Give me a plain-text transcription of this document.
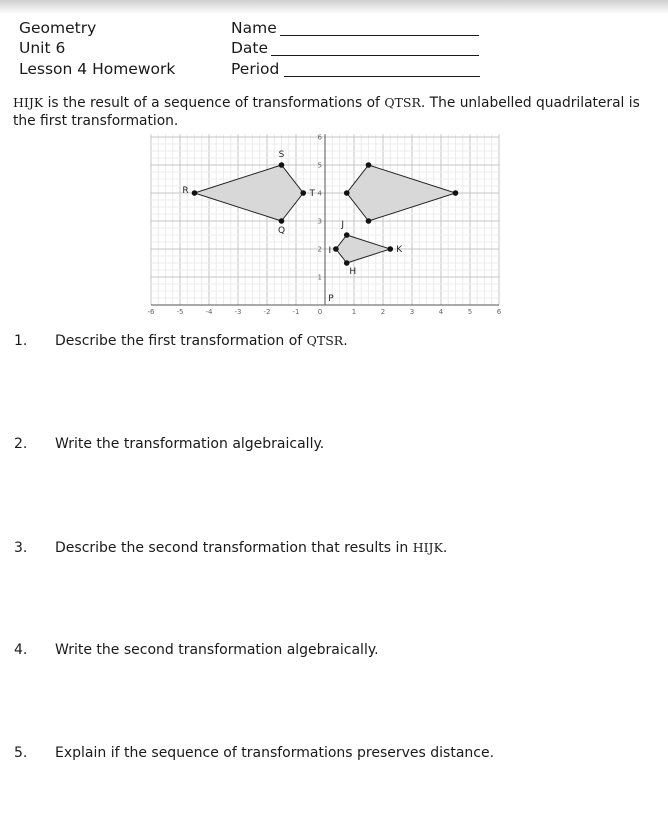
Geometry
Unit 6
Lesson 4 Homework
Name
Date
Period
HIJK is the result of a sequence of transformations of QTSR. The unlabelled quadrilateral is the first transformation.
-6	-5	-4	-3	-2	-1	0	1	2	3	4	5	6
1
2
3
4
5
6
Q
T
S
R
H
I
J
K
P
1. Describe the first transformation of QTSR.
2. Write the transformation algebraically.
3. Describe the second transformation that results in HIJK.
4. Write the second transformation algebraically.
5. Explain if the sequence of transformations preserves distance.
